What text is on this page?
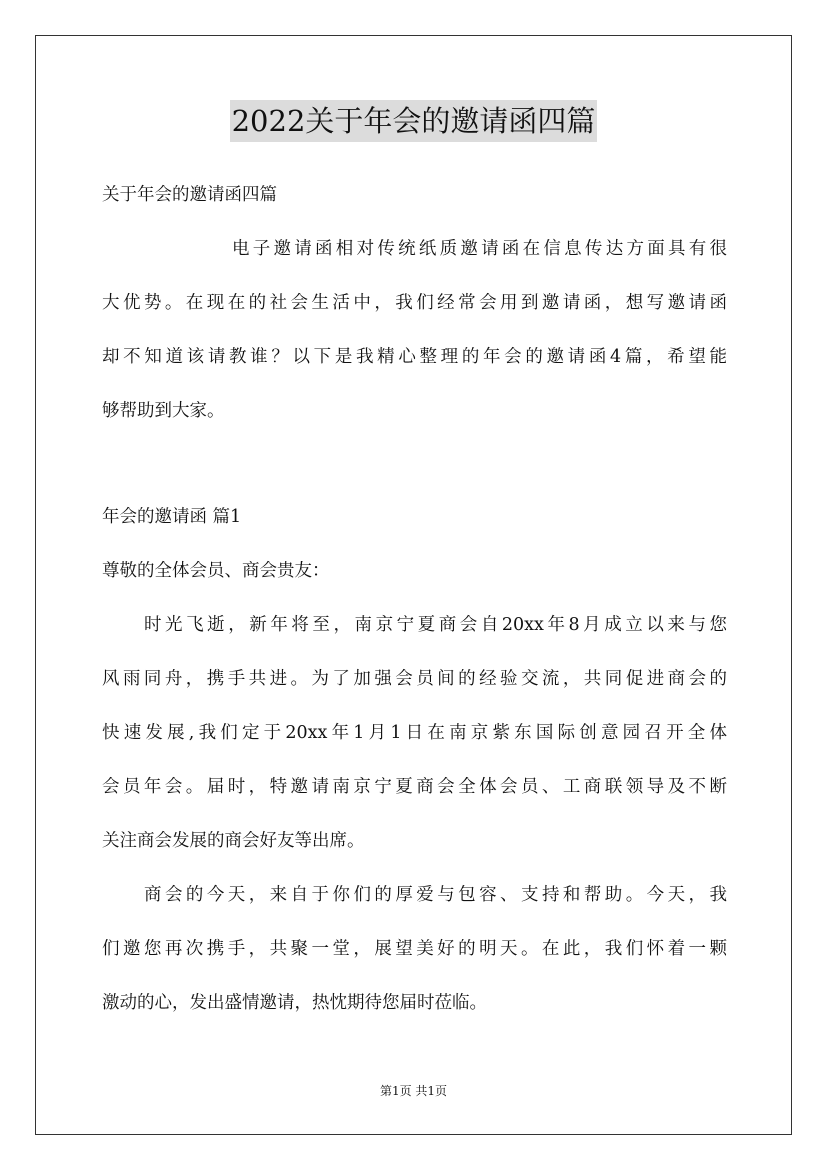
2022关于年会的邀请函四篇
关于年会的邀请函四篇
电子邀请函相对传统纸质邀请函在信息传达方面具有很
大优势。在现在的社会生活中，我们经常会用到邀请函，想写邀请函
却不知道该请教谁？以下是我精心整理的年会的邀请函4篇，希望能
够帮助到大家。
年会的邀请函 篇1
尊敬的全体会员、商会贵友：
时光飞逝，新年将至，南京宁夏商会自20xx年8月成立以来与您
风雨同舟，携手共进。为了加强会员间的经验交流，共同促进商会的
快速发展,我们定于20xx年1月1日在南京紫东国际创意园召开全体
会员年会。届时，特邀请南京宁夏商会全体会员、工商联领导及不断
关注商会发展的商会好友等出席。
商会的今天，来自于你们的厚爱与包容、支持和帮助。今天，我
们邀您再次携手，共聚一堂，展望美好的明天。在此，我们怀着一颗
激动的心，发出盛情邀请，热忱期待您届时莅临。
第1页 共1页
